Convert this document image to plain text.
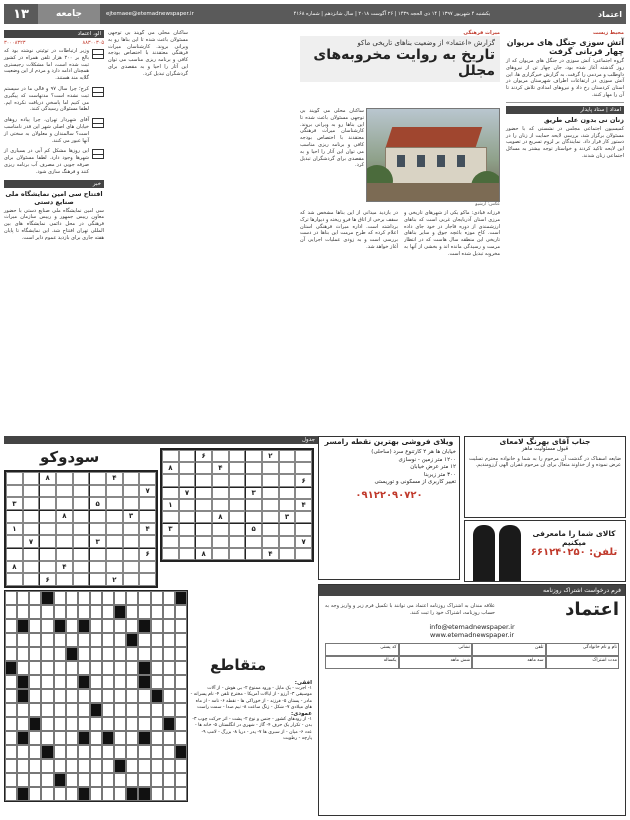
اعتماد
یکشنبه ۴ شهریور ۱۳۹۷ | ۱۴ ذی الحجه ۱۴۳۹ | ۲۶ آگوست ۲۰۱۸ | سال شانزدهم | شماره ۴۱۶۸
ejtemaee@etemadnewspaper.ir
جامعه
۱۳
محیط زیست
آتش سوزی جنگل های مریوان چهار قربانی گرفت
گروه اجتماعی: آتش سوزی در جنگل های مریوان که از روز گذشته آغاز شده بود، جان چهار تن از نیروهای داوطلب و مردمی را گرفت. به گزارش خبرگزاری ها، این آتش سوزی در ارتفاعات اطراف شهرستان مریوان در استان کردستان رخ داد و نیروهای امدادی تلاش کردند تا آن را مهار کنند.
امداد | ستاد پایدار
زنان نی بدون علی طریق
کمیسیون اجتماعی مجلس در نشستی که با حضور مسئولان برگزار شد، بررسی لایحه حمایت از زنان را در دستور کار قرار داد. نمایندگان بر لزوم تسریع در تصویب این لایحه تاکید کردند و خواستار توجه بیشتر به مسائل اجتماعی زنان شدند.
میراث فرهنگی
گزارش «اعتماد» از وضعیت بناهای تاریخی ماکو
تاریخ به روایت مخروبه‌های مجلل
عکس: آرشیو
ساکنان محلی می گویند بی توجهی مسئولان باعث شده تا این بناها رو به ویرانی بروند. کارشناسان میراث فرهنگی معتقدند با اختصاص بودجه کافی و برنامه ریزی مناسب می توان این آثار را احیا و به مقصدی برای گردشگران تبدیل کرد.
فرزانه قبادی: ماکو یکی از شهرهای تاریخی و مرزی استان آذربایجان غربی است که بناهای ارزشمندی از دوره قاجار در خود جای داده است. کاخ موزه باغچه جوق و سایر بناهای تاریخی این منطقه سال هاست که در انتظار مرمت و رسیدگی مانده اند و بخشی از آنها به مخروبه تبدیل شده است.
در بازدید میدانی از این بناها مشخص شد که سقف برخی از اتاق ها فرو ریخته و دیوارها ترک برداشته است. اداره میراث فرهنگی استان اعلام کرده که طرح مرمت این بناها در دست بررسی است و به زودی عملیات اجرایی آن آغاز خواهد شد.
الو، اعتماد
۸۸۳۰۰۳۰۵
۳۰۰۰۸۳۲۳
وزیر ارتباطات در توئیتی نوشته بود که بالغ بر ۲۰۰ هزار تلفن همراه در کشور ثبت شده است، اما مشکلات رجیستری همچنان ادامه دارد و مردم از این وضعیت گلایه مند هستند.
کرج؛ چرا سال ۹۷ و قالی ما در سیستم ثبت نشده است؟ مدتهاست که پیگیری می کنیم اما پاسخی دریافت نکرده ایم. لطفا مسئولان رسیدگی کنند.
آقای شهردار تهران، چرا پیاده روهای خیابان های اصلی شهر این قدر نامناسب است؟ سالمندان و معلولان به سختی از آنها عبور می کنند.
این روزها مشکل کم آبی در بسیاری از شهرها وجود دارد. لطفا مسئولان برای صرفه جویی در مصرف آب برنامه ریزی کنند و فرهنگ سازی شود.
خبر
افتتاح سی امین نمایشگاه ملی صنایع دستی
سی امین نمایشگاه ملی صنایع دستی با حضور معاون رییس جمهور و رییس سازمان میراث فرهنگی در محل دائمی نمایشگاه های بین المللی تهران افتتاح شد. این نمایشگاه تا پایان هفته جاری برای بازدید عموم دایر است.
ساکنان محلی می گویند بی توجهی مسئولان باعث شده تا این بناها رو به ویرانی بروند. کارشناسان میراث فرهنگی معتقدند با اختصاص بودجه کافی و برنامه ریزی مناسب می توان این آثار را احیا و به مقصدی برای گردشگران تبدیل کرد.
جدول
سودوکو
۴
۸
۷
۵
۳
۳
۸
۴
۱
۳
۷
۶
۴
۸
۲
۶
متقاطع
۲
۶
۴
۸
۶
۳
۷
۴
۱
۳
۸
۵
۳
۷
۴
۸
افقی:
۱- اجرت - یک مایل - ورود ممنوع ۲- بی هوش - از آلات موسیقی ۳- آرزو - از ایالات آمریکا - مخترع تلفن ۴- نام پسرانه - مادر - پستان ۵- فرزند - از خوراکی ها - نقطه ۶- نامه - از ماه های میلادی ۷- شکل - زنگ ساعت ۸- نیم صدا - سمت راست
عمودی:
۱- از رودهای کشور - جنس و نوع ۲- پشت - اثر حرکت چوب ۳- بدن - تکرار یک حرف ۴- گاز - شهری در انگلستان ۵- خانه ها - عدد ۶- میان - از سبزی ها ۷- پدر - دریا ۸- بزرگ - لامپ ۹- پارچه - رطوبت
ویلای فروشی بهترین نقطه رامسر
خیابان ها هر ۲ کارتنوع سرد (ساحلی)
۱۲۰۰ متر زمین - نوسازی
۱۲ متر عرض خیابان
۳۰۰ متر زیربنا
تغییر کاربری از مسکونی و توریستی
۰۹۱۲۲۰۹۰۷۲۰
جناب آقای بهرنگ لامعای
قبول مسئولیت ماهر
ضایعه اسفناک در گذشت آن مرحوم را به شما و خانواده محترم تسلیت عرض نموده و از خداوند متعال برای آن مرحوم غفران الهی آرزومندیم.
کالای شما را مامعرفی میکنیم
تلفن: ۶۶۱۲۴۰۲۵۰
فرم درخواست اشتراک روزنامه
اعتماد
علاقه مندان به اشتراک روزنامه اعتماد می توانند با تکمیل فرم زیر و واریز وجه به حساب روزنامه، اشتراک خود را ثبت کنند.
info@etemadnewspaper.ir
www.etemadnewspaper.ir
نام و نام خانوادگی
تلفن
نشانی
کد پستی
مدت اشتراک
سه ماهه
شش ماهه
یکساله
